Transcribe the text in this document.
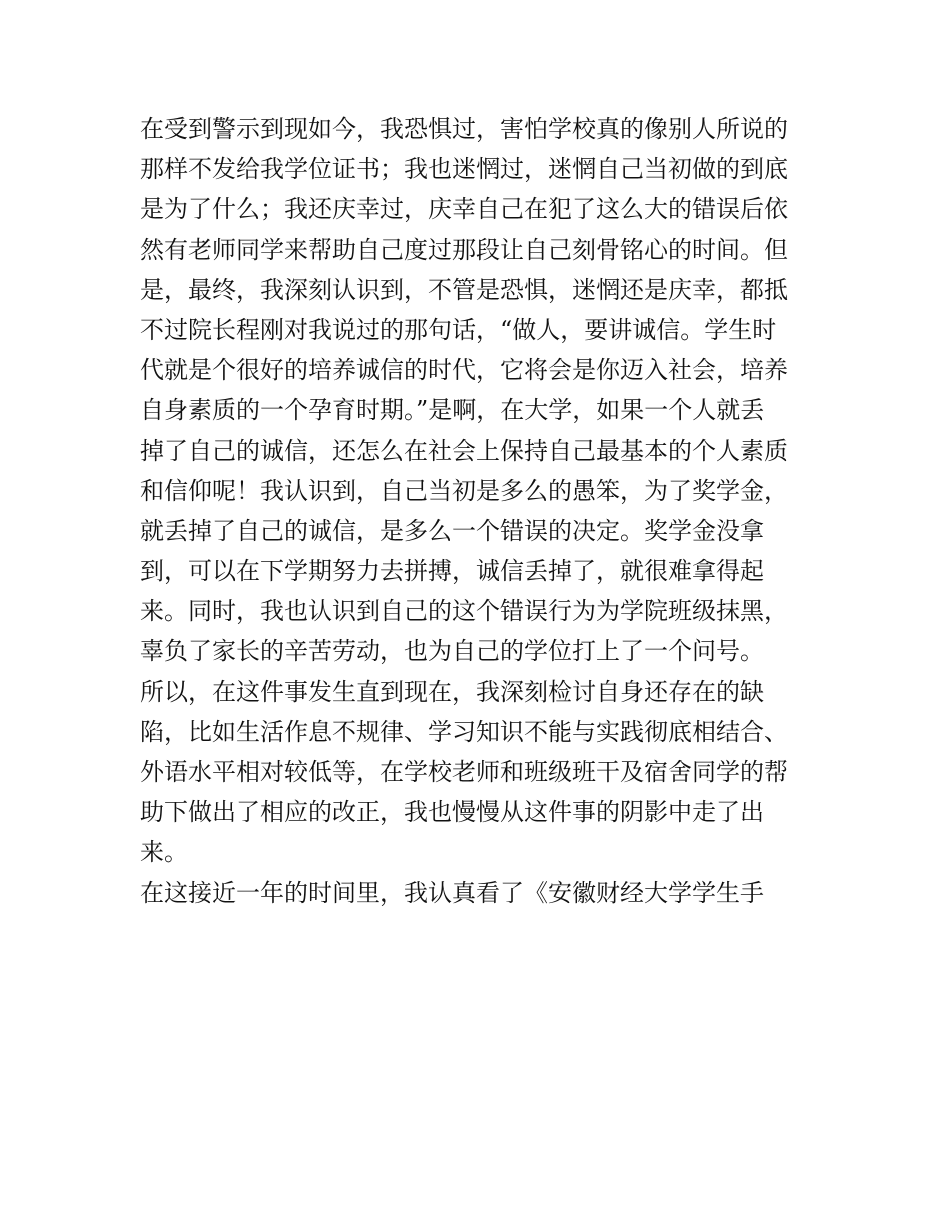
在受到警示到现如今，我恐惧过，害怕学校真的像别人所说的
那样不发给我学位证书；我也迷惘过，迷惘自己当初做的到底
是为了什么；我还庆幸过，庆幸自己在犯了这么大的错误后依
然有老师同学来帮助自己度过那段让自己刻骨铭心的时间。但
是，最终，我深刻认识到，不管是恐惧，迷惘还是庆幸，都抵
不过院长程刚对我说过的那句话，“做人，要讲诚信。学生时
代就是个很好的培养诚信的时代，它将会是你迈入社会，培养
自身素质的一个孕育时期。”是啊，在大学，如果一个人就丢
掉了自己的诚信，还怎么在社会上保持自己最基本的个人素质
和信仰呢！我认识到，自己当初是多么的愚笨，为了奖学金，
就丢掉了自己的诚信，是多么一个错误的决定。奖学金没拿
到，可以在下学期努力去拼搏，诚信丢掉了，就很难拿得起
来。同时，我也认识到自己的这个错误行为为学院班级抹黑，
辜负了家长的辛苦劳动，也为自己的学位打上了一个问号。
所以，在这件事发生直到现在，我深刻检讨自身还存在的缺
陷，比如生活作息不规律、学习知识不能与实践彻底相结合、
外语水平相对较低等，在学校老师和班级班干及宿舍同学的帮
助下做出了相应的改正，我也慢慢从这件事的阴影中走了出
来。
在这接近一年的时间里，我认真看了《安徽财经大学学生手
